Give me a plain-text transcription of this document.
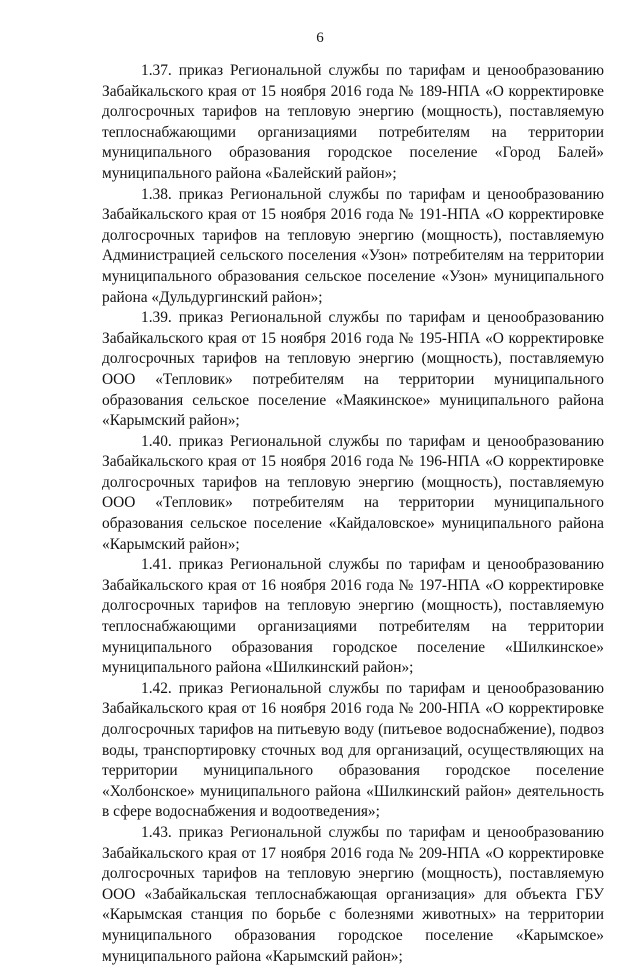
6

1.37. приказ Региональной службы по тарифам и ценообразованию Забайкальского края от 15 ноября 2016 года № 189-НПА «О корректировке долгосрочных тарифов на тепловую энергию (мощность), поставляемую теплоснабжающими организациями потребителям на территории муниципального образования городское поселение «Город Балей» муниципального района «Балейский район»;

1.38. приказ Региональной службы по тарифам и ценообразованию Забайкальского края от 15 ноября 2016 года № 191-НПА «О корректировке долгосрочных тарифов на тепловую энергию (мощность), поставляемую Администрацией сельского поселения «Узон» потребителям на территории муниципального образования сельское поселение «Узон» муниципального района «Дульдургинский район»;

1.39. приказ Региональной службы по тарифам и ценообразованию Забайкальского края от 15 ноября 2016 года № 195-НПА «О корректировке долгосрочных тарифов на тепловую энергию (мощность), поставляемую ООО «Тепловик» потребителям на территории муниципального образования сельское поселение «Маякинское» муниципального района «Карымский район»;

1.40. приказ Региональной службы по тарифам и ценообразованию Забайкальского края от 15 ноября 2016 года № 196-НПА «О корректировке долгосрочных тарифов на тепловую энергию (мощность), поставляемую ООО «Тепловик» потребителям на территории муниципального образования сельское поселение «Кайдаловское» муниципального района «Карымский район»;

1.41. приказ Региональной службы по тарифам и ценообразованию Забайкальского края от 16 ноября 2016 года № 197-НПА «О корректировке долгосрочных тарифов на тепловую энергию (мощность), поставляемую теплоснабжающими организациями потребителям на территории муниципального образования городское поселение «Шилкинское» муниципального района «Шилкинский район»;

1.42. приказ Региональной службы по тарифам и ценообразованию Забайкальского края от 16 ноября 2016 года № 200-НПА «О корректировке долгосрочных тарифов на питьевую воду (питьевое водоснабжение), подвоз воды, транспортировку сточных вод для организаций, осуществляющих на территории муниципального образования городское поселение «Холбонское» муниципального района «Шилкинский район» деятельность в сфере водоснабжения и водоотведения»;

1.43. приказ Региональной службы по тарифам и ценообразованию Забайкальского края от 17 ноября 2016 года № 209-НПА «О корректировке долгосрочных тарифов на тепловую энергию (мощность), поставляемую ООО «Забайкальская теплоснабжающая организация» для объекта ГБУ «Карымская станция по борьбе с болезнями животных» на территории муниципального образования городское поселение «Карымское» муниципального района «Карымский район»;
